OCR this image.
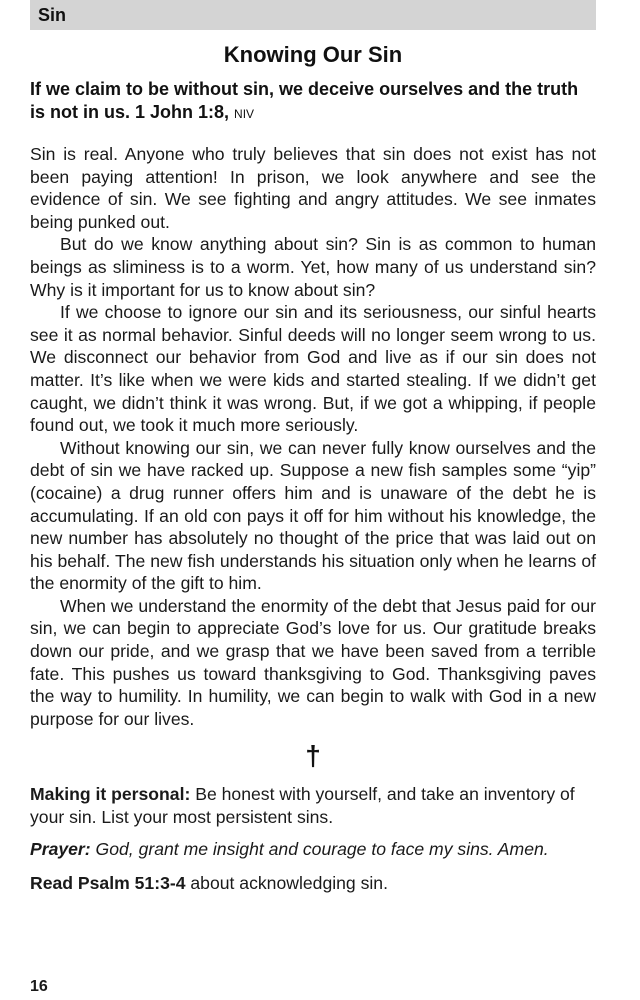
Sin
Knowing Our Sin
If we claim to be without sin, we deceive ourselves and the truth is not in us. 1 John 1:8, NIV

Sin is real. Anyone who truly believes that sin does not exist has not been paying attention! In prison, we look anywhere and see the evidence of sin. We see fighting and angry attitudes. We see inmates being punked out.

But do we know anything about sin? Sin is as common to human beings as sliminess is to a worm. Yet, how many of us understand sin? Why is it important for us to know about sin?

If we choose to ignore our sin and its seriousness, our sinful hearts see it as normal behavior. Sinful deeds will no longer seem wrong to us. We disconnect our behavior from God and live as if our sin does not matter. It’s like when we were kids and started stealing. If we didn’t get caught, we didn’t think it was wrong. But, if we got a whipping, if people found out, we took it much more seriously.

Without knowing our sin, we can never fully know ourselves and the debt of sin we have racked up. Suppose a new fish samples some “yip” (cocaine) a drug runner offers him and is unaware of the debt he is accumulating. If an old con pays it off for him without his knowledge, the new number has absolutely no thought of the price that was laid out on his behalf. The new fish understands his situation only when he learns of the enormity of the gift to him.

When we understand the enormity of the debt that Jesus paid for our sin, we can begin to appreciate God’s love for us. Our gratitude breaks down our pride, and we grasp that we have been saved from a terrible fate. This pushes us toward thanksgiving to God. Thanksgiving paves the way to humility. In humility, we can begin to walk with God in a new purpose for our lives.

†
Making it personal: Be honest with yourself, and take an inventory of your sin. List your most persistent sins.
Prayer: God, grant me insight and courage to face my sins. Amen.
Read Psalm 51:3-4 about acknowledging sin.
16
